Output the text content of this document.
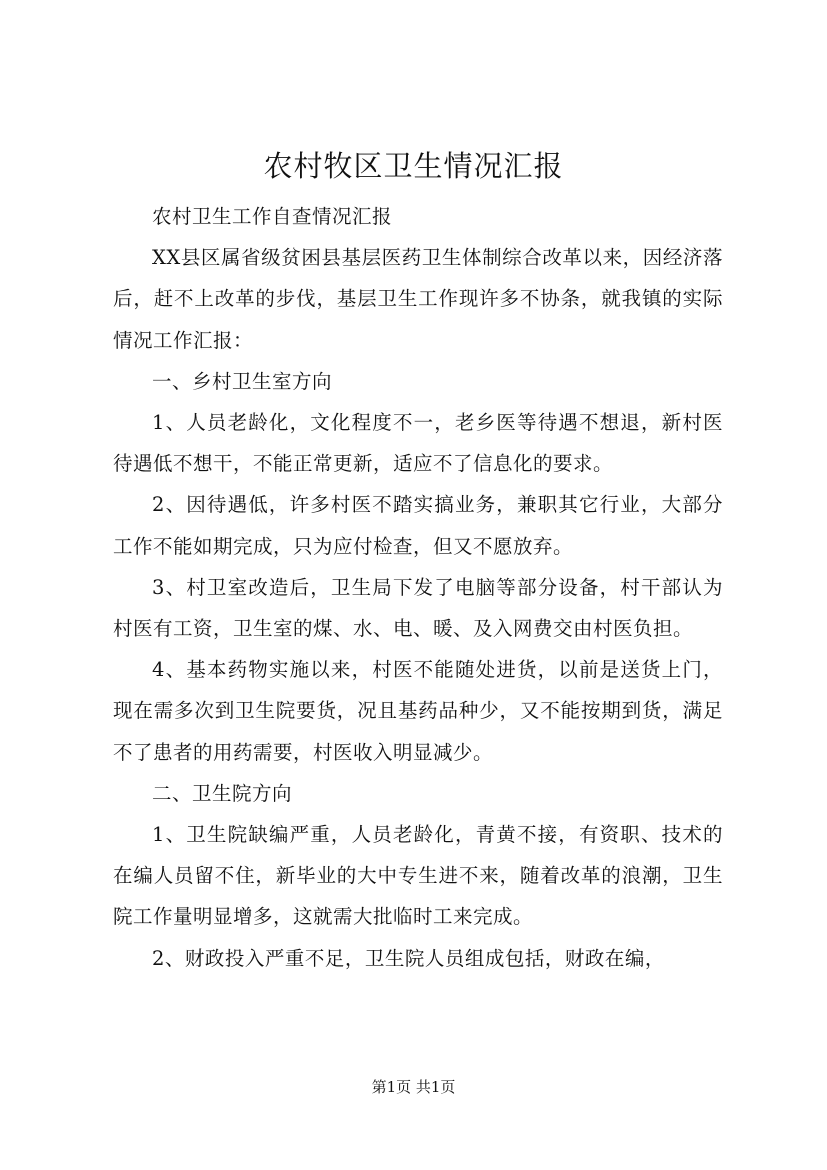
农村牧区卫生情况汇报

农村卫生工作自查情况汇报

XX县区属省级贫困县基层医药卫生体制综合改革以来，因经济落后，赶不上改革的步伐，基层卫生工作现许多不协条，就我镇的实际情况工作汇报：

一、乡村卫生室方向

1、人员老龄化，文化程度不一，老乡医等待遇不想退，新村医待遇低不想干，不能正常更新，适应不了信息化的要求。

2、因待遇低，许多村医不踏实搞业务，兼职其它行业，大部分工作不能如期完成，只为应付检查，但又不愿放弃。

3、村卫室改造后，卫生局下发了电脑等部分设备，村干部认为村医有工资，卫生室的煤、水、电、暖、及入网费交由村医负担。

4、基本药物实施以来，村医不能随处进货，以前是送货上门，现在需多次到卫生院要货，况且基药品种少，又不能按期到货，满足不了患者的用药需要，村医收入明显减少。

二、卫生院方向

1、卫生院缺编严重，人员老龄化，青黄不接，有资职、技术的在编人员留不住，新毕业的大中专生进不来，随着改革的浪潮，卫生院工作量明显增多，这就需大批临时工来完成。

2、财政投入严重不足，卫生院人员组成包括，财政在编，

第1页 共1页
